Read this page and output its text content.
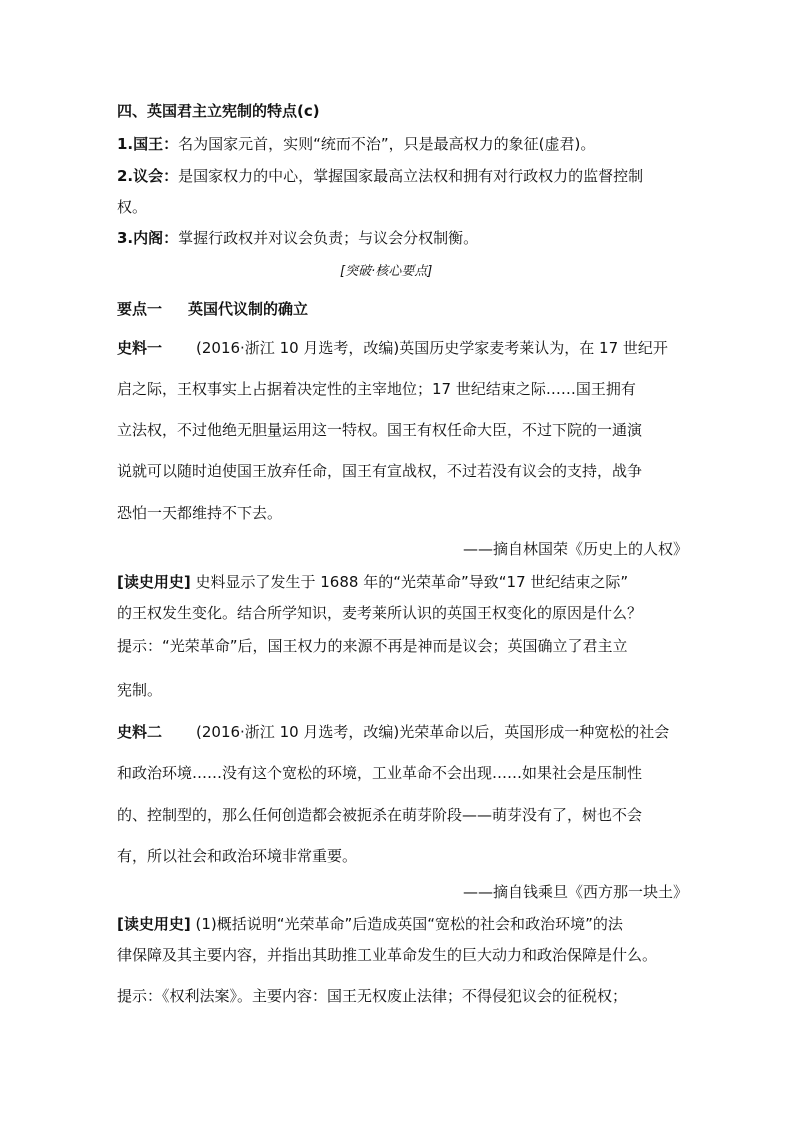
四、英国君主立宪制的特点(c)
1.国王：名为国家元首，实则“统而不治”，只是最高权力的象征(虚君)。
2.议会：是国家权力的中心，掌握国家最高立法权和拥有对行政权力的监督控制
权。
3.内阁：掌握行政权并对议会负责；与议会分权制衡。
[突破·核心要点]
要点一 英国代议制的确立
史料一 (2016·浙江 10 月选考，改编)英国历史学家麦考莱认为，在 17 世纪开
启之际，王权事实上占据着决定性的主宰地位；17 世纪结束之际……国王拥有
立法权，不过他绝无胆量运用这一特权。国王有权任命大臣，不过下院的一通演
说就可以随时迫使国王放弃任命，国王有宣战权，不过若没有议会的支持，战争
恐怕一天都维持不下去。
——摘自林国荣《历史上的人权》
[读史用史] 史料显示了发生于 1688 年的“光荣革命”导致“17 世纪结束之际”
的王权发生变化。结合所学知识，麦考莱所认识的英国王权变化的原因是什么？
提示：“光荣革命”后，国王权力的来源不再是神而是议会；英国确立了君主立
宪制。
史料二 (2016·浙江 10 月选考，改编)光荣革命以后，英国形成一种宽松的社会
和政治环境……没有这个宽松的环境，工业革命不会出现……如果社会是压制性
的、控制型的，那么任何创造都会被扼杀在萌芽阶段——萌芽没有了，树也不会
有，所以社会和政治环境非常重要。
——摘自钱乘旦《西方那一块土》
[读史用史] (1)概括说明“光荣革命”后造成英国“宽松的社会和政治环境”的法
律保障及其主要内容，并指出其助推工业革命发生的巨大动力和政治保障是什么。
提示：《权利法案》。主要内容：国王无权废止法律；不得侵犯议会的征税权；
